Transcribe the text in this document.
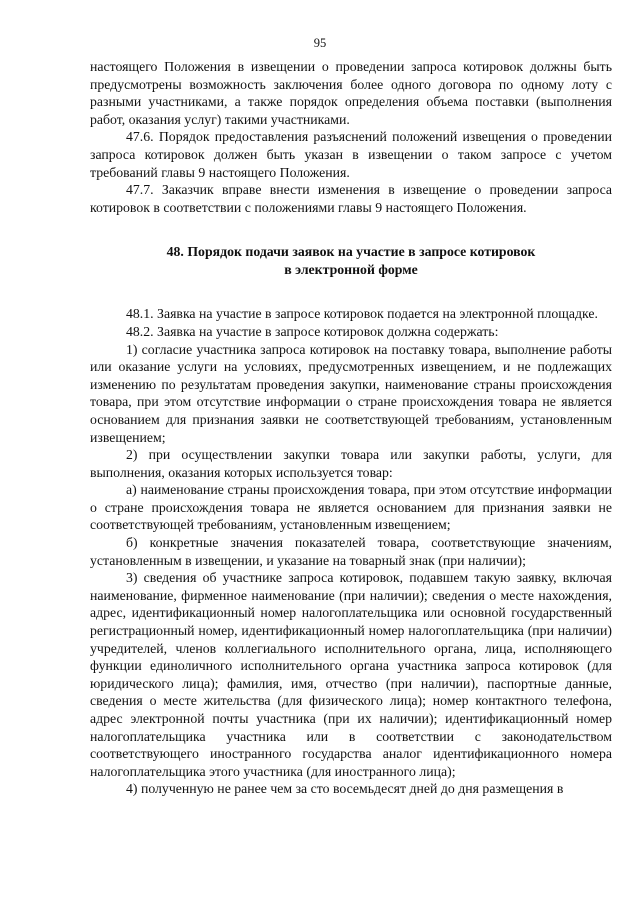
95

настоящего Положения в извещении о проведении запроса котировок должны быть предусмотрены возможность заключения более одного договора по одному лоту с разными участниками, а также порядок определения объема поставки (выполнения работ, оказания услуг) такими участниками.

47.6. Порядок предоставления разъяснений положений извещения о проведении запроса котировок должен быть указан в извещении о таком запросе с учетом требований главы 9 настоящего Положения.

47.7. Заказчик вправе внести изменения в извещение о проведении запроса котировок в соответствии с положениями главы 9 настоящего Положения.

48. Порядок подачи заявок на участие в запросе котировок
в электронной форме

48.1. Заявка на участие в запросе котировок подается на электронной площадке.

48.2. Заявка на участие в запросе котировок должна содержать:

1) согласие участника запроса котировок на поставку товара, выполнение работы или оказание услуги на условиях, предусмотренных извещением, и не подлежащих изменению по результатам проведения закупки, наименование страны происхождения товара, при этом отсутствие информации о стране происхождения товара не является основанием для признания заявки не соответствующей требованиям, установленным извещением;

2) при осуществлении закупки товара или закупки работы, услуги, для выполнения, оказания которых используется товар:

а) наименование страны происхождения товара, при этом отсутствие информации о стране происхождения товара не является основанием для признания заявки не соответствующей требованиям, установленным извещением;

б) конкретные значения показателей товара, соответствующие значениям, установленным в извещении, и указание на товарный знак (при наличии);

3) сведения об участнике запроса котировок, подавшем такую заявку, включая наименование, фирменное наименование (при наличии); сведения о месте нахождения, адрес, идентификационный номер налогоплательщика или основной государственный регистрационный номер, идентификационный номер налогоплательщика (при наличии) учредителей, членов коллегиального исполнительного органа, лица, исполняющего функции единоличного исполнительного органа участника запроса котировок (для юридического лица); фамилия, имя, отчество (при наличии), паспортные данные, сведения о месте жительства (для физического лица); номер контактного телефона, адрес электронной почты участника (при их наличии); идентификационный номер налогоплательщика участника или в соответствии с законодательством соответствующего иностранного государства аналог идентификационного номера налогоплательщика этого участника (для иностранного лица);

4) полученную не ранее чем за сто восемьдесят дней до дня размещения в
